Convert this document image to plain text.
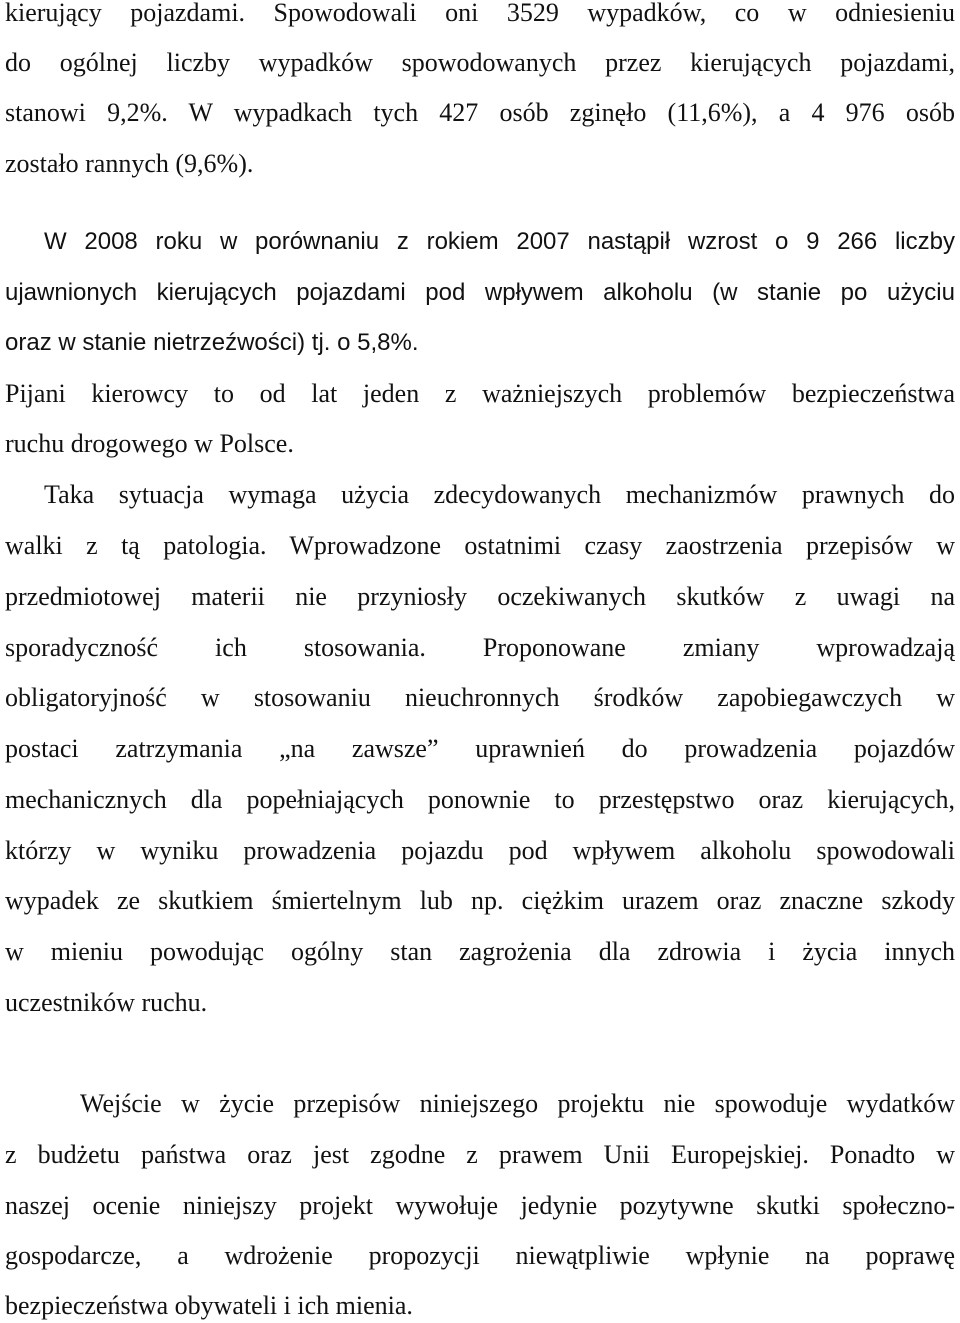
kierujący pojazdami. Spowodowali oni 3529 wypadków, co w odniesieniu
do ogólnej liczby wypadków spowodowanych przez kierujących pojazdami,
stanowi 9,2%. W wypadkach tych 427 osób zginęło (11,6%), a 4 976 osób
zostało rannych (9,6%).
W 2008 roku w porównaniu z rokiem 2007 nastąpił wzrost o 9 266 liczby
ujawnionych kierujących pojazdami pod wpływem alkoholu (w stanie po użyciu
oraz w stanie nietrzeźwości) tj. o 5,8%.
Pijani kierowcy to od lat jeden z ważniejszych problemów bezpieczeństwa
ruchu drogowego w Polsce.
Taka sytuacja wymaga użycia zdecydowanych mechanizmów prawnych do
walki z tą patologia. Wprowadzone ostatnimi czasy zaostrzenia przepisów w
przedmiotowej materii nie przyniosły oczekiwanych skutków z uwagi na
sporadyczność ich stosowania. Proponowane zmiany wprowadzają
obligatoryjność w stosowaniu nieuchronnych środków zapobiegawczych w
postaci zatrzymania „na zawsze” uprawnień do prowadzenia pojazdów
mechanicznych dla popełniających ponownie to przestępstwo oraz kierujących,
którzy w wyniku prowadzenia pojazdu pod wpływem alkoholu spowodowali
wypadek ze skutkiem śmiertelnym lub np. ciężkim urazem oraz znaczne szkody
w mieniu powodując ogólny stan zagrożenia dla zdrowia i życia innych
uczestników ruchu.
Wejście w życie przepisów niniejszego projektu nie spowoduje wydatków
z budżetu państwa oraz jest zgodne z prawem Unii Europejskiej. Ponadto w
naszej ocenie niniejszy projekt wywołuje jedynie pozytywne skutki społeczno-
gospodarcze, a wdrożenie propozycji niewątpliwie wpłynie na poprawę
bezpieczeństwa obywateli i ich mienia.
